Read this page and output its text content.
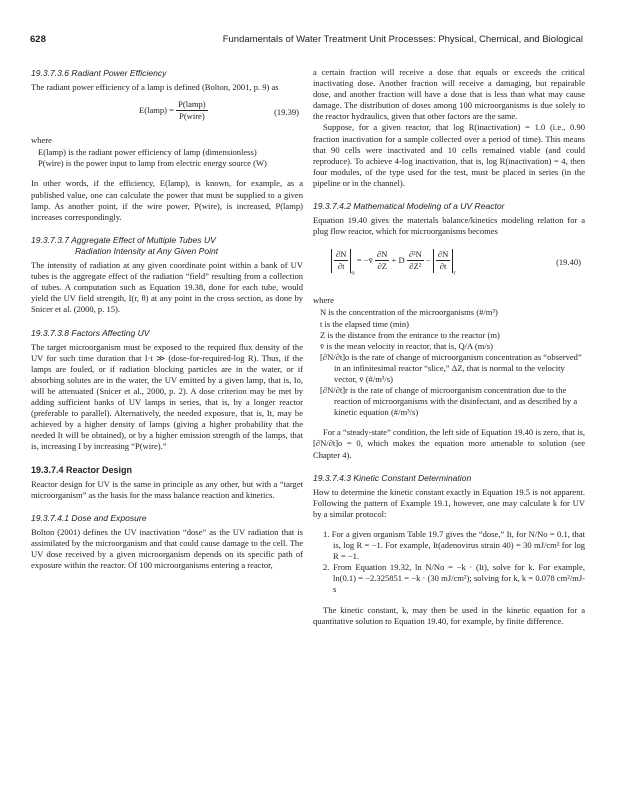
628	Fundamentals of Water Treatment Unit Processes: Physical, Chemical, and Biological
19.3.7.3.6 Radiant Power Efficiency

The radiant power efficiency of a lamp is defined (Bolton, 2001, p. 9) as

E(lamp) = $\frac{\text{P(lamp)}}{\text{P(wire)}}$	(19.39)

where

E(lamp) is the radiant power efficiency of lamp (dimensionless)

P(wire) is the power input to lamp from electric energy source (W)

In other words, if the efficiency, E(lamp), is known, for example, as a published value, one can calculate the power that must be supplied to a given lamp. As another point, if the wire power, P(wire), is increased, P(lamp) increases correspondingly.

19.3.7.3.7 Aggregate Effect of Multiple Tubes UV
Radiation Intensity at Any Given Point

The intensity of radiation at any given coordinate point within a bank of UV tubes is the aggregate effect of the radiation “field” resulting from a collection of tubes. A computation such as Equation 19.38, done for each tube, would yield the UV field strength, I(r, θ) at any point in the cross section, as done by Snicer et al. (2000, p. 15).

19.3.7.3.8 Factors Affecting UV

The target microorganism must be exposed to the required flux density of the UV for such time duration that I·t ≫ (dose-for-required-log R). Thus, if the lamps are fouled, or if radiation blocking particles are in the water, or if absorbing solutes are in the water, the UV emitted by a given lamp, that is, Io, will be attenuated (Snicer et al., 2000, p. 2). A dose criterion may be met by adding sufficient banks of UV lamps in series, that is, by a longer reactor (preferable to parallel). Alternatively, the needed exposure, that is, It, may be achieved by a higher density of lamps (giving a higher probability that the needed It will be obtained), or by a higher emission strength of the lamps, that is, increasing I by increasing “P(wire).”

19.3.7.4 Reactor Design

Reactor design for UV is the same in principle as any other, but with a “target microorganism” as the basis for the mass balance reaction and kinetics.

19.3.7.4.1 Dose and Exposure

Bolton (2001) defines the UV inactivation “dose” as the UV radiation that is assimilated by the microorganism and that could cause damage to the cell. The UV dose received by a given microorganism depends on its specific path of exposure within the reactor. Of 100 microorganisms entering a reactor,

a certain fraction will receive a dose that equals or exceeds the critical inactivating dose. Another fraction will receive a damaging, but repairable dose, and another fraction will have a dose that is less than what may cause damage. The distribution of doses among 100 microorganisms is due solely to the reactor hydraulics, given that other factors are the same.

Suppose, for a given reactor, that log R(inactivation) = 1.0 (i.e., 0.90 fraction inactivation for a sample collected over a period of time). This means that 90 cells were inactivated and 10 cells remained viable (and could reproduce). To achieve 4-log inactivation, that is, log R(inactivation) = 4, then four modules, of the type used for the test, must be placed in series (in the pipeline or in the channel).

19.3.7.4.2 Mathematical Modeling of a UV Reactor

Equation 19.40 gives the materials balance/kinetics modeling relation for a plug flow reactor, which for microorganisms becomes

$\frac{\partial N}{\partial t}$
$_o$ = −v̄ $\frac{\partial N}{\partial Z} + D \frac{\text{∂²N}}{\text{∂Z²}} - \frac{\partial N}{\partial t}$
$_r$
(19.40)

where

N is the concentration of the microorganisms (#/m³)

t is the elapsed time (min)

Z is the distance from the entrance to the reactor (m)

v̄ is the mean velocity in reactor, that is, Q/A (m/s)

[∂N/∂t]o is the rate of change of microorganism concentration as “observed” in an infinitesimal reactor “slice,” ΔZ, that is normal to the velocity vector, v̄ (#/m³/s)

[∂N/∂t]r is the rate of change of microorganism concentration due to the reaction of microorganisms with the disinfectant, and as described by a kinetic equation (#/m³/s)

For a “steady-state” condition, the left side of Equation 19.40 is zero, that is, [∂N/∂t]o = 0, which makes the equation more amenable to solution (see Chapter 4).

19.3.7.4.3 Kinetic Constant Determination

How to determine the kinetic constant exactly in Equation 19.5 is not apparent. Following the pattern of Example 19.1, however, one may calculate k for UV by a similar protocol:

1. For a given organism Table 19.7 gives the “dose,” It, for N/No = 0.1, that is, log R = −1. For example, It(adenovirus strain 40) = 30 mJ/cm² for log R = −1.
2. From Equation 19.32, ln N/No = −k · (It), solve for k. For example, ln(0.1) = −2.325851 = −k · (30 mJ/cm²); solving for k, k = 0.078 cm²/mJ-s

The kinetic constant, k, may then be used in the kinetic equation for a quantitative solution to Equation 19.40, for example, by finite difference.
